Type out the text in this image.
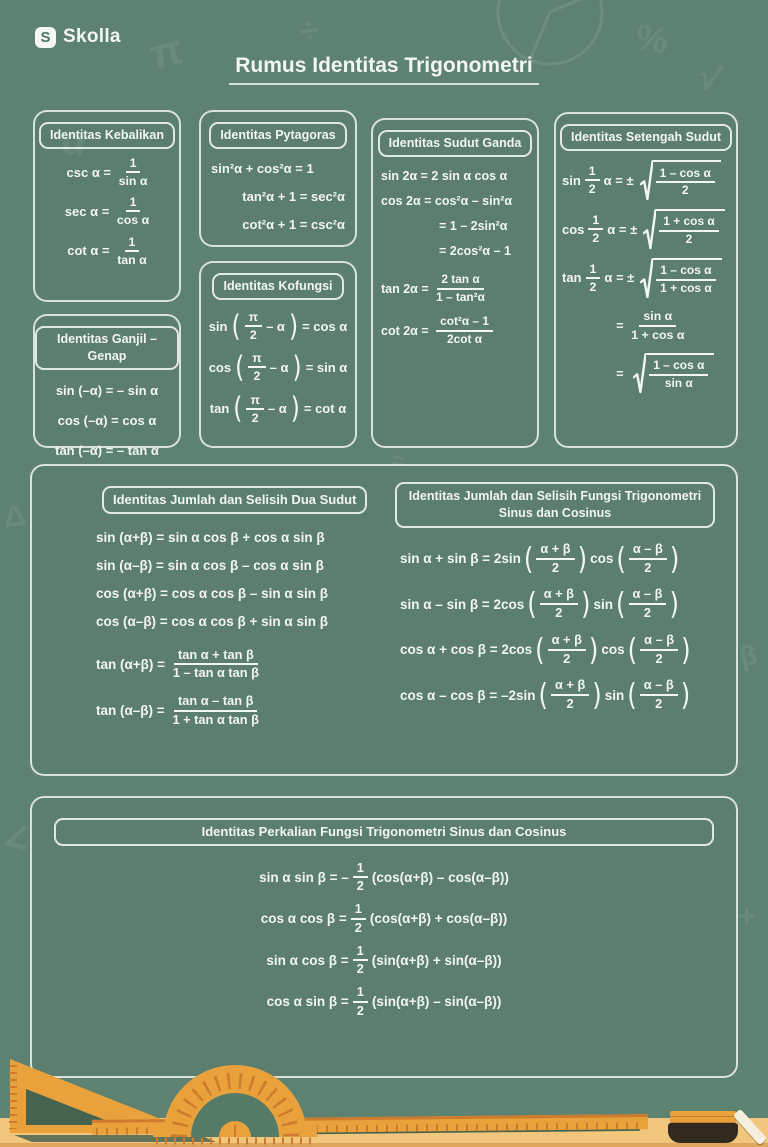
π	%
÷
α
√
Δ
∠
β
+
=
S Skolla
Rumus Identitas Trigonometri
Identitas Kebalikan
$\csc \alpha = \frac{1}{\text{sin α}}$
$\sec \alpha = \frac{1}{\text{cos α}}$
$\cot \alpha = \frac{1}{\text{tan α}}$
Identitas Ganjil – Genap
sin (–α) = – sin α
cos (–α) = cos α
tan (–α) = – tan α
Identitas Pytagoras
sin²α + cos²α = 1
tan²α + 1 = sec²α
cot²α + 1 = csc²α
Identitas Kofungsi
sin ( $\frac{\pi}{2}$ – α ) = cos α
cos ( $\frac{\pi}{2}$ – α ) = sin α
tan ( $\frac{\pi}{2}$ – α ) = cot α
Identitas Sudut Ganda
sin 2α = 2 sin α cos α
cos 2α = cos²α – sin²α
= 1 – 2sin²α
= 2cos²α – 1
$\tan 2\alpha = \frac{\text{2 tan α}}{\text{1 – tan²α}}$
$\cot 2\alpha = \frac{\text{cot²α – 1}}{\text{2cot α}}$
Identitas Setengah Sudut
$\sin \frac{1}{2}$ α = ± $\frac{\text{1 – cos α}}{2}$
$\cos \frac{1}{2}$ α = ± $\frac{\text{1 + cos α}}{2}$
$\tan \frac{1}{2}$ α = ± $\frac{\text{1 – cos α}}{\text{1 + cos α}}$
= $\frac{\text{sin α}}{\text{1 + cos α}}$
= $\frac{\text{1 – cos α}}{\text{sin α}}$
Identitas Jumlah dan Selisih Dua Sudut
sin (α+β) = sin α cos β + cos α sin β
sin (α–β) = sin α cos β – cos α sin β
cos (α+β) = cos α cos β – sin α sin β
cos (α–β) = cos α cos β + sin α sin β
$\tan (\alpha+\beta) = \frac{\text{tan α + tan β}}{\text{1 – tan α tan β}}$
$\tan (\alpha-\beta) = \frac{\text{tan α – tan β}}{\text{1 + tan α tan β}}$
Identitas Jumlah dan Selisih Fungsi Trigonometri
Sinus dan Cosinus
sin α + sin β = 2sin ( $\frac{\alpha + \beta}{2}$ ) cos ( $\frac{\alpha - \beta}{2}$ )
sin α – sin β = 2cos ( $\frac{\alpha + \beta}{2}$ ) sin ( $\frac{\alpha - \beta}{2}$ )
cos α + cos β = 2cos ( $\frac{\alpha + \beta}{2}$ ) cos ( $\frac{\alpha - \beta}{2}$ )
cos α – cos β = –2sin ( $\frac{\alpha + \beta}{2}$ ) sin ( $\frac{\alpha - \beta}{2}$ )
Identitas Perkalian Fungsi Trigonometri Sinus dan Cosinus
sin α sin β = – $\frac{1}{2} (\cos(\alpha+\beta) - \cos(\alpha-\beta))$
cos α $\cos \beta = \frac{1}{2} (\cos(\alpha+\beta) + \cos(\alpha-\beta))$
sin α $\cos \beta = \frac{1}{2} (\sin(\alpha+\beta) + \sin(\alpha-\beta))$
cos α $\sin \beta = \frac{1}{2} (\sin(\alpha+\beta) - \sin(\alpha-\beta))$
